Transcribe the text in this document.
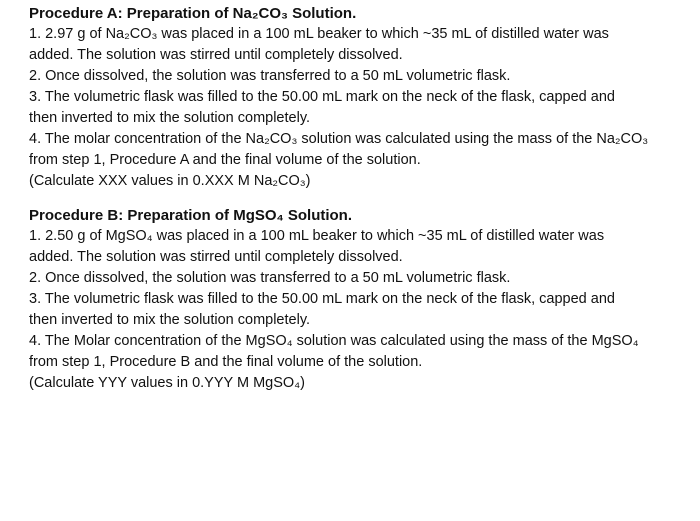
Procedure A: Preparation of Na₂CO₃ Solution.
1. 2.97 g of Na₂CO₃ was placed in a 100 mL beaker to which ~35 mL of distilled water was
added. The solution was stirred until completely dissolved.
2. Once dissolved, the solution was transferred to a 50 mL volumetric flask.
3. The volumetric flask was filled to the 50.00 mL mark on the neck of the flask, capped and
then inverted to mix the solution completely.
4. The molar concentration of the Na₂CO₃ solution was calculated using the mass of the Na₂CO₃
from step 1, Procedure A and the final volume of the solution.
(Calculate XXX values in 0.XXX M Na₂CO₃)
Procedure B: Preparation of MgSO₄ Solution.
1. 2.50 g of MgSO₄ was placed in a 100 mL beaker to which ~35 mL of distilled water was
added. The solution was stirred until completely dissolved.
2. Once dissolved, the solution was transferred to a 50 mL volumetric flask.
3. The volumetric flask was filled to the 50.00 mL mark on the neck of the flask, capped and
then inverted to mix the solution completely.
4. The Molar concentration of the MgSO₄ solution was calculated using the mass of the MgSO₄
from step 1, Procedure B and the final volume of the solution.
(Calculate YYY values in 0.YYY M MgSO₄)
